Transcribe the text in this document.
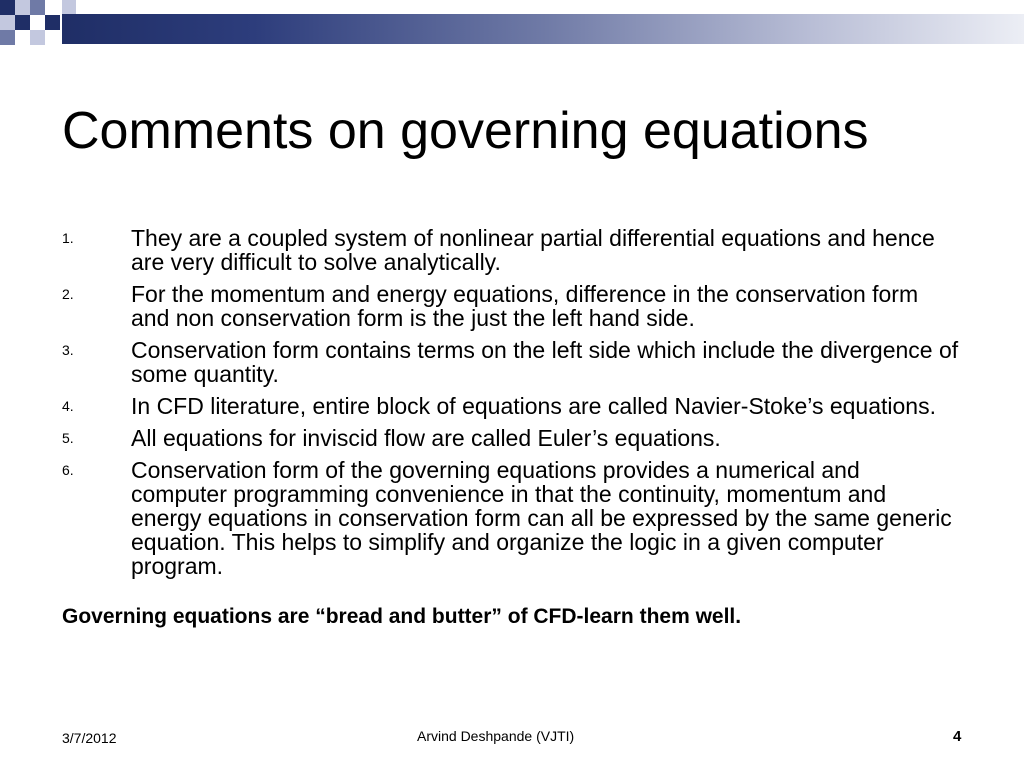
Comments on governing equations
1. They are a coupled system of nonlinear partial differential equations and hence are very difficult to solve analytically.
2. For the momentum and energy equations, difference in the conservation form and non conservation form is the just the left hand side.
3. Conservation form contains terms on the left side which include the divergence of some quantity.
4. In CFD literature, entire block of equations are called Navier-Stoke’s equations.
5. All equations for inviscid flow are called Euler’s equations.
6. Conservation form of the governing equations provides a numerical and computer programming convenience in that the continuity, momentum and energy equations in conservation form can all be expressed by the same generic equation. This helps to simplify and organize the logic in a given computer program.

Governing equations are “bread and butter” of CFD-learn them well.

3/7/2012	Arvind Deshpande (VJTI)	4
